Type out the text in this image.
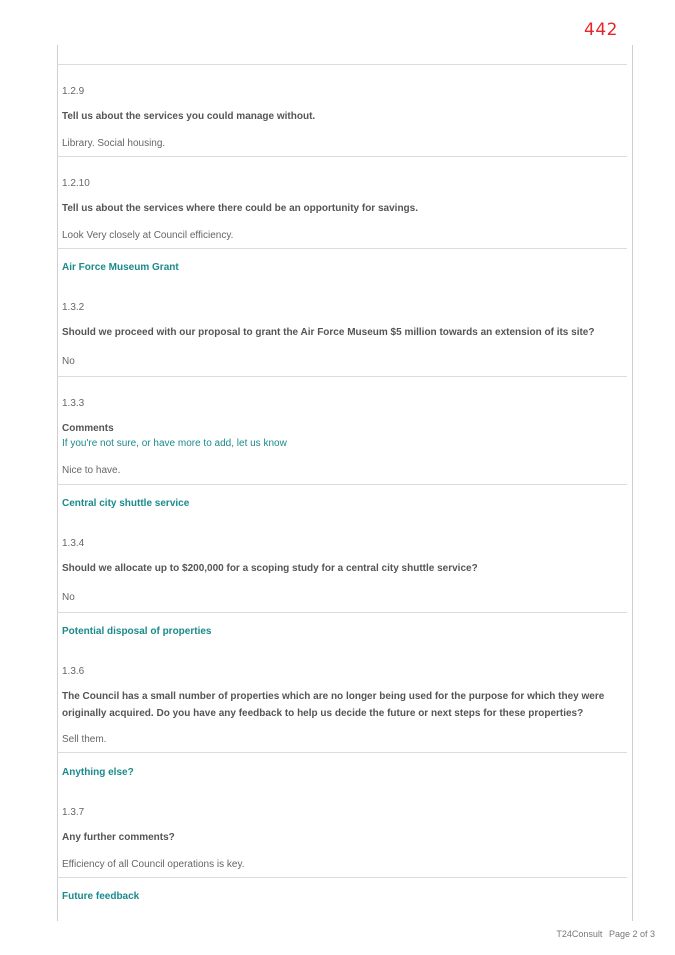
442
1.2.9
Tell us about the services you could manage without.
Library. Social housing.
1.2.10
Tell us about the services where there could be an opportunity for savings.
Look Very closely at Council efficiency.
Air Force Museum Grant
1.3.2
Should we proceed with our proposal to grant the Air Force Museum $5 million towards an extension of its site?
No
1.3.3
Comments
If you're not sure, or have more to add, let us know
Nice to have.
Central city shuttle service
1.3.4
Should we allocate up to $200,000 for a scoping study for a central city shuttle service?
No
Potential disposal of properties
1.3.6
The Council has a small number of properties which are no longer being used for the purpose for which they were originally acquired. Do you have any feedback to help us decide the future or next steps for these properties?
Sell them.
Anything else?
1.3.7
Any further comments?
Efficiency of all Council operations is key.
Future feedback
T24Consult Page 2 of 3
